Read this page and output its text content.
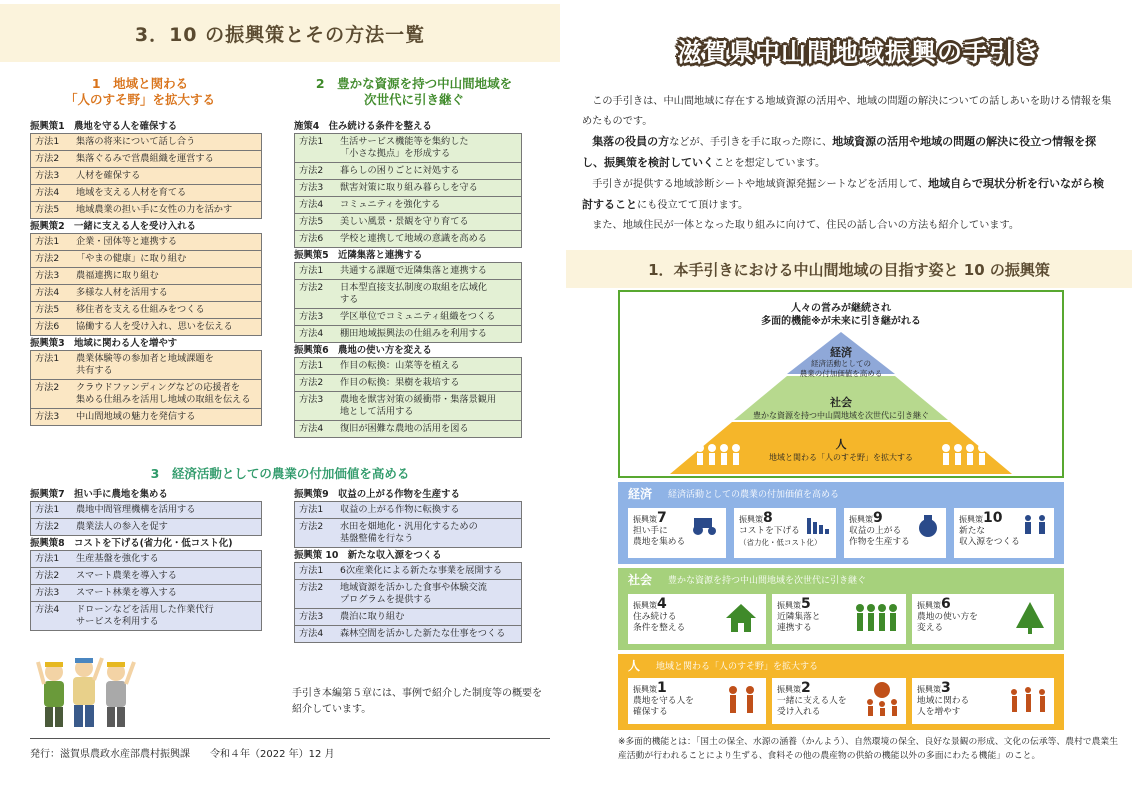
3．10 の振興策とその方法一覧
1　地域と関わる
「人のすそ野」を拡大する
2　豊かな資源を持つ中山間地域を
次世代に引き継ぐ
振興策1　農地を守る人を確保する
方法1	集落の将来について話し合う
方法2	集落ぐるみで営農組織を運営する
方法3	人材を確保する
方法4	地域を支える人材を育てる
方法5	地域農業の担い手に女性の力を活かす
振興策2　一緒に支える人を受け入れる
方法1	企業・団体等と連携する
方法2	「やまの健康」に取り組む
方法3	農福連携に取り組む
方法4	多様な人材を活用する
方法5	移住者を支える仕組みをつくる
方法6	協働する人を受け入れ、思いを伝える
振興策3　地域に関わる人を増やす
方法1	農業体験等の参加者と地域課題を
共有する
方法2	クラウドファンディングなどの応援者を
集める仕組みを活用し地域の取組を伝える
方法3	中山間地域の魅力を発信する
施策4　住み続ける条件を整える
方法1	生活サービス機能等を集約した
「小さな拠点」を形成する
方法2	暮らしの困りごとに対処する
方法3	獣害対策に取り組み暮らしを守る
方法4	コミュニティを強化する
方法5	美しい風景・景観を守り育てる
方法6	学校と連携して地域の意識を高める
振興策5　近隣集落と連携する
方法1	共通する課題で近隣集落と連携する
方法2	日本型直接支払制度の取組を広域化
する
方法3	学区単位でコミュニティ組織をつくる
方法4	棚田地域振興法の仕組みを利用する
振興策6　農地の使い方を変える
方法1	作目の転換：山菜等を植える
方法2	作目の転換：果樹を栽培する
方法3	農地を獣害対策の緩衝帯・集落景観用
地として活用する
方法4	復旧が困難な農地の活用を図る
3　経済活動としての農業の付加価値を高める
振興策7　担い手に農地を集める
方法1	農地中間管理機構を活用する
方法2	農業法人の参入を促す
振興策8　コストを下げる(省力化・低コスト化)
方法1	生産基盤を強化する
方法2	スマート農業を導入する
方法3	スマート林業を導入する
方法4	ドローンなどを活用した作業代行
サービスを利用する
振興策9　収益の上がる作物を生産する
方法1	収益の上がる作物に転換する
方法2	水田を畑地化・汎用化するための
基盤整備を行なう
振興策 10　新たな収入源をつくる
方法1	6次産業化による新たな事業を展開する
方法2	地域資源を活かした食事や体験交流
プログラムを提供する
方法3	農泊に取り組む
方法4	森林空間を活かした新たな仕事をつくる
手引き本編第５章には、事例で紹介した制度等の概要を紹介しています。
発行：滋賀県農政水産部農村振興課　　令和４年（2022 年）12 月
滋賀県中山間地域振興の手引き

この手引きは、中山間地域に存在する地域資源の活用や、地域の問題の解決についての話しあいを助ける情報を集めたものです。

集落の役員の方などが、手引きを手に取った際に、地域資源の活用や地域の問題の解決に役立つ情報を探し、振興策を検討していくことを想定しています。

手引きが提供する地域診断シートや地域資源発掘シートなどを活用して、地域自らで現状分析を行いながら検討することにも役立てて頂けます。

また、地域住民が一体となった取り組みに向けて、住民の話し合いの方法も紹介しています。

1．本手引きにおける中山間地域の目指す姿と 10 の振興策
人々の営みが継続され
多面的機能※が未来に引き継がれる
経済
経済活動としての
農業の付加価値を高める
社会
豊かな資源を持つ中山間地域を次世代に引き継ぐ
人
地域と関わる「人のすそ野」を拡大する
経済 経済活動としての農業の付加価値を高める
振興策7
担い手に
農地を集める
振興策8
コストを下げる
（省力化・低コスト化）
振興策9
収益の上がる
作物を生産する
振興策10
新たな
収入源をつくる
社会 豊かな資源を持つ中山間地域を次世代に引き継ぐ
振興策4
住み続ける
条件を整える
振興策5
近隣集落と
連携する
振興策6
農地の使い方を
変える
人 地域と関わる「人のすそ野」を拡大する
振興策1
農地を守る人を
確保する
振興策2
一緒に支える人を
受け入れる
振興策3
地域に関わる
人を増やす
※多面的機能とは：「国土の保全、水源の涵養（かんよう）、自然環境の保全、良好な景観の形成、文化の伝承等、農村で農業生産活動が行われることにより生ずる、食料その他の農産物の供給の機能以外の多面にわたる機能」のこと。
